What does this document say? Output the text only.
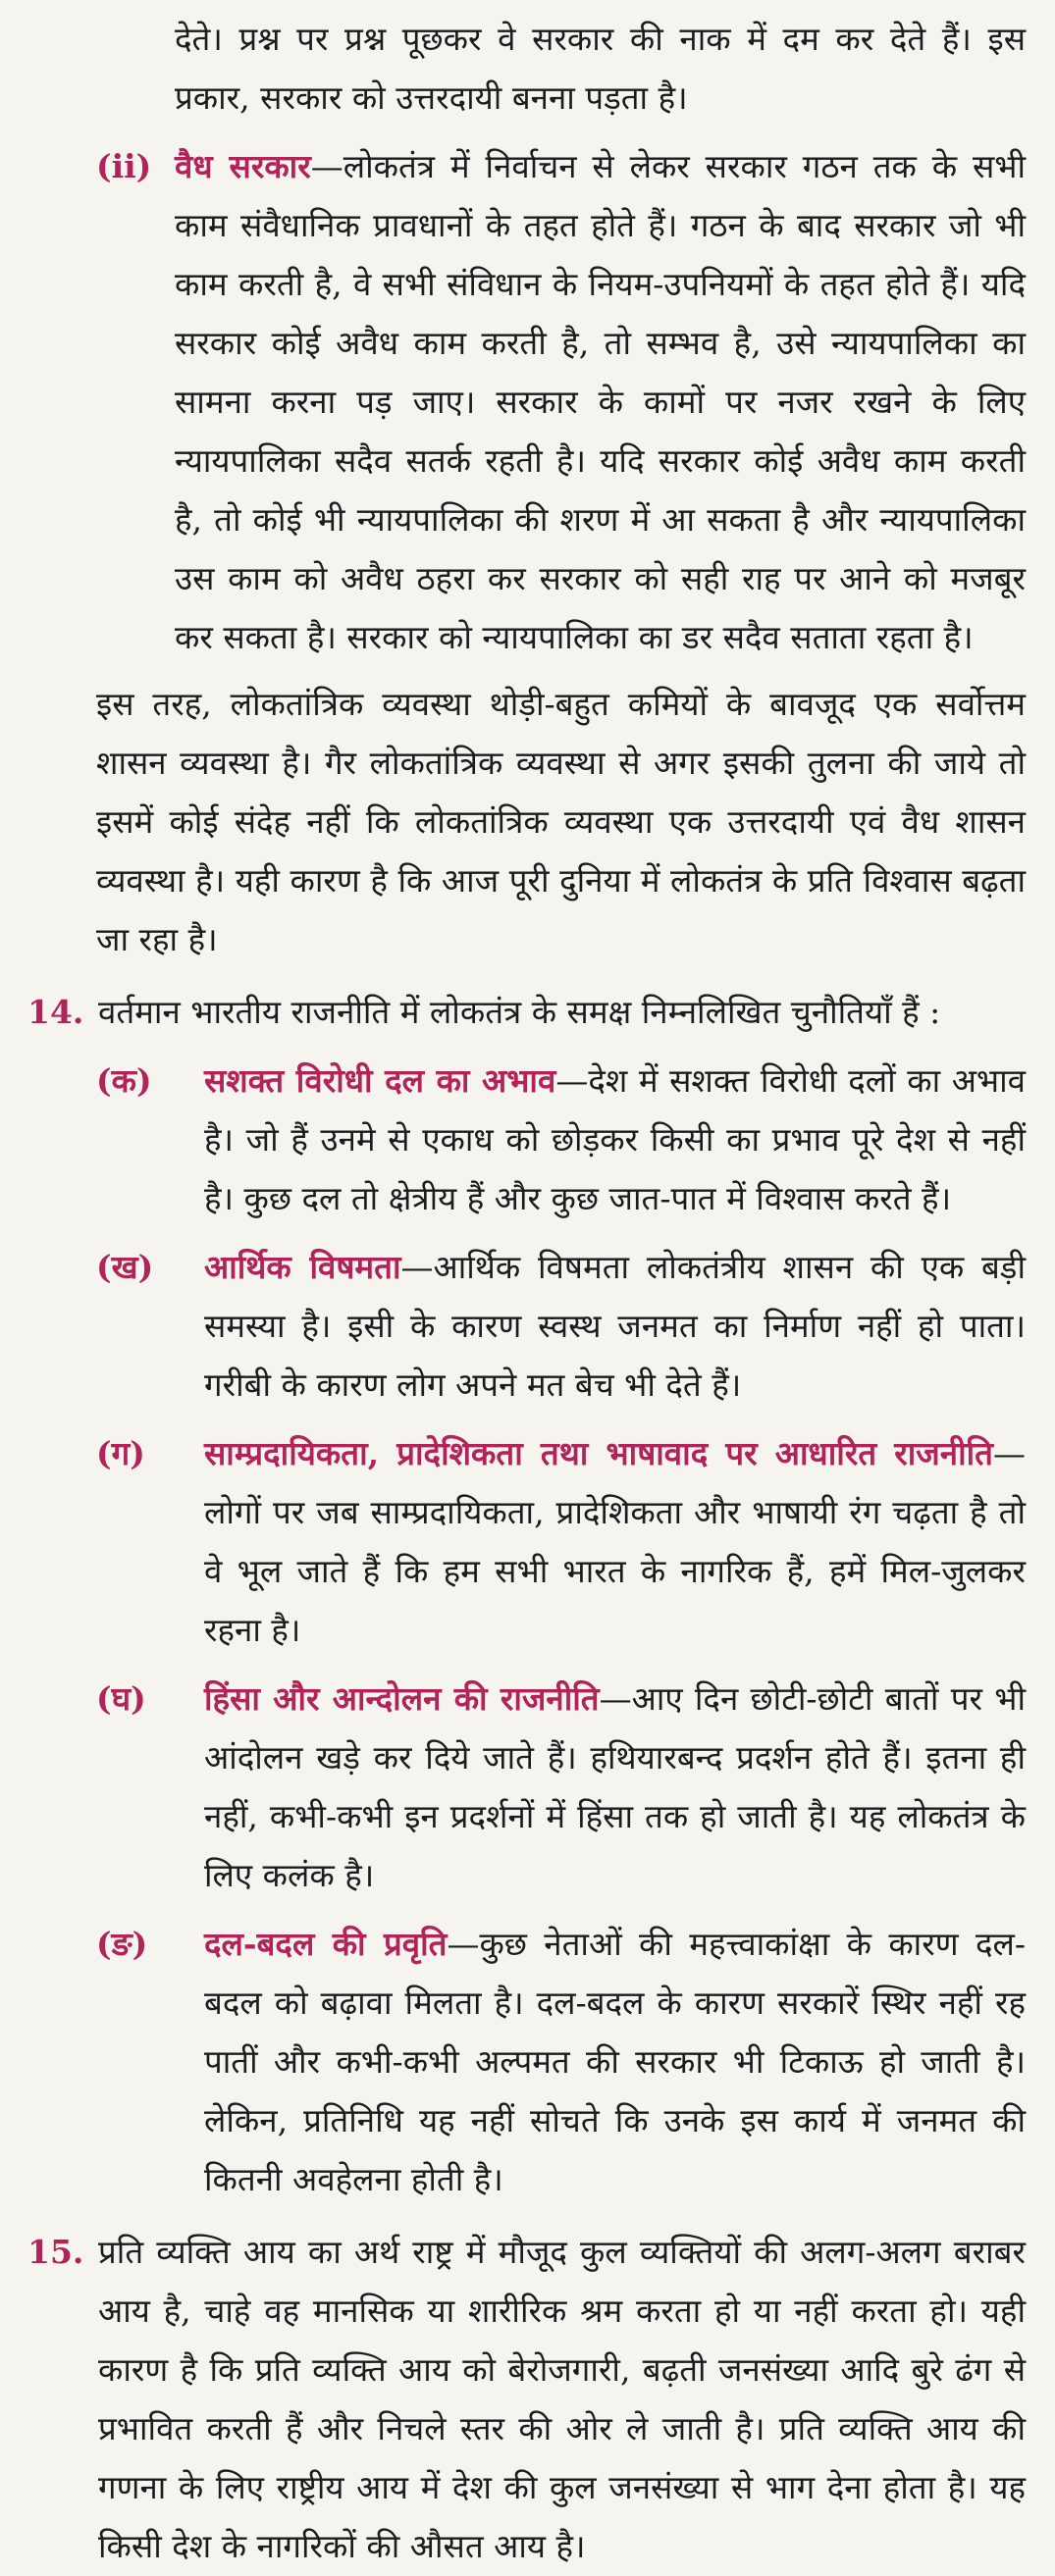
देते। प्रश्न पर प्रश्न पूछकर वे सरकार की नाक में दम कर देते हैं। इस प्रकार, सरकार को उत्तरदायी बनना पड़ता है।

(ii) वैध सरकार—लोकतंत्र में निर्वाचन से लेकर सरकार गठन तक के सभी काम संवैधानिक प्रावधानों के तहत होते हैं। गठन के बाद सरकार जो भी काम करती है, वे सभी संविधान के नियम-उपनियमों के तहत होते हैं। यदि सरकार कोई अवैध काम करती है, तो सम्भव है, उसे न्यायपालिका का सामना करना पड़ जाए। सरकार के कामों पर नजर रखने के लिए न्यायपालिका सदैव सतर्क रहती है। यदि सरकार कोई अवैध काम करती है, तो कोई भी न्यायपालिका की शरण में आ सकता है और न्यायपालिका उस काम को अवैध ठहरा कर सरकार को सही राह पर आने को मजबूर कर सकता है। सरकार को न्यायपालिका का डर सदैव सताता रहता है।

इस तरह, लोकतांत्रिक व्यवस्था थोड़ी-बहुत कमियों के बावजूद एक सर्वोत्तम शासन व्यवस्था है। गैर लोकतांत्रिक व्यवस्था से अगर इसकी तुलना की जाये तो इसमें कोई संदेह नहीं कि लोकतांत्रिक व्यवस्था एक उत्तरदायी एवं वैध शासन व्यवस्था है। यही कारण है कि आज पूरी दुनिया में लोकतंत्र के प्रति विश्वास बढ़ता जा रहा है।

14. वर्तमान भारतीय राजनीति में लोकतंत्र के समक्ष निम्नलिखित चुनौतियाँ हैं :

(क)	सशक्त विरोधी दल का अभाव—देश में सशक्त विरोधी दलों का अभाव है। जो हैं उनमे से एकाध को छोड़कर किसी का प्रभाव पूरे देश से नहीं है। कुछ दल तो क्षेत्रीय हैं और कुछ जात-पात में विश्वास करते हैं।
(ख)	आर्थिक विषमता—आर्थिक विषमता लोकतंत्रीय शासन की एक बड़ी समस्या है। इसी के कारण स्वस्थ जनमत का निर्माण नहीं हो पाता। गरीबी के कारण लोग अपने मत बेच भी देते हैं।
(ग)	साम्प्रदायिकता, प्रादेशिकता तथा भाषावाद पर आधारित राजनीति—लोगों पर जब साम्प्रदायिकता, प्रादेशिकता और भाषायी रंग चढ़ता है तो वे भूल जाते हैं कि हम सभी भारत के नागरिक हैं, हमें मिल-जुलकर रहना है।
(घ)	हिंसा और आन्दोलन की राजनीति—आए दिन छोटी-छोटी बातों पर भी आंदोलन खड़े कर दिये जाते हैं। हथियारबन्द प्रदर्शन होते हैं। इतना ही नहीं, कभी-कभी इन प्रदर्शनों में हिंसा तक हो जाती है। यह लोकतंत्र के लिए कलंक है।
(ङ)	दल-बदल की प्रवृति—कुछ नेताओं की महत्त्वाकांक्षा के कारण दल-बदल को बढ़ावा मिलता है। दल-बदल के कारण सरकारें स्थिर नहीं रह पातीं और कभी-कभी अल्पमत की सरकार भी टिकाऊ हो जाती है। लेकिन, प्रतिनिधि यह नहीं सोचते कि उनके इस कार्य में जनमत की कितनी अवहेलना होती है।
15. प्रति व्यक्ति आय का अर्थ राष्ट्र में मौजूद कुल व्यक्तियों की अलग-अलग बराबर आय है, चाहे वह मानसिक या शारीरिक श्रम करता हो या नहीं करता हो। यही कारण है कि प्रति व्यक्ति आय को बेरोजगारी, बढ़ती जनसंख्या आदि बुरे ढंग से प्रभावित करती हैं और निचले स्तर की ओर ले जाती है। प्रति व्यक्ति आय की गणना के लिए राष्ट्रीय आय में देश की कुल जनसंख्या से भाग देना होता है। यह किसी देश के नागरिकों की औसत आय है।
